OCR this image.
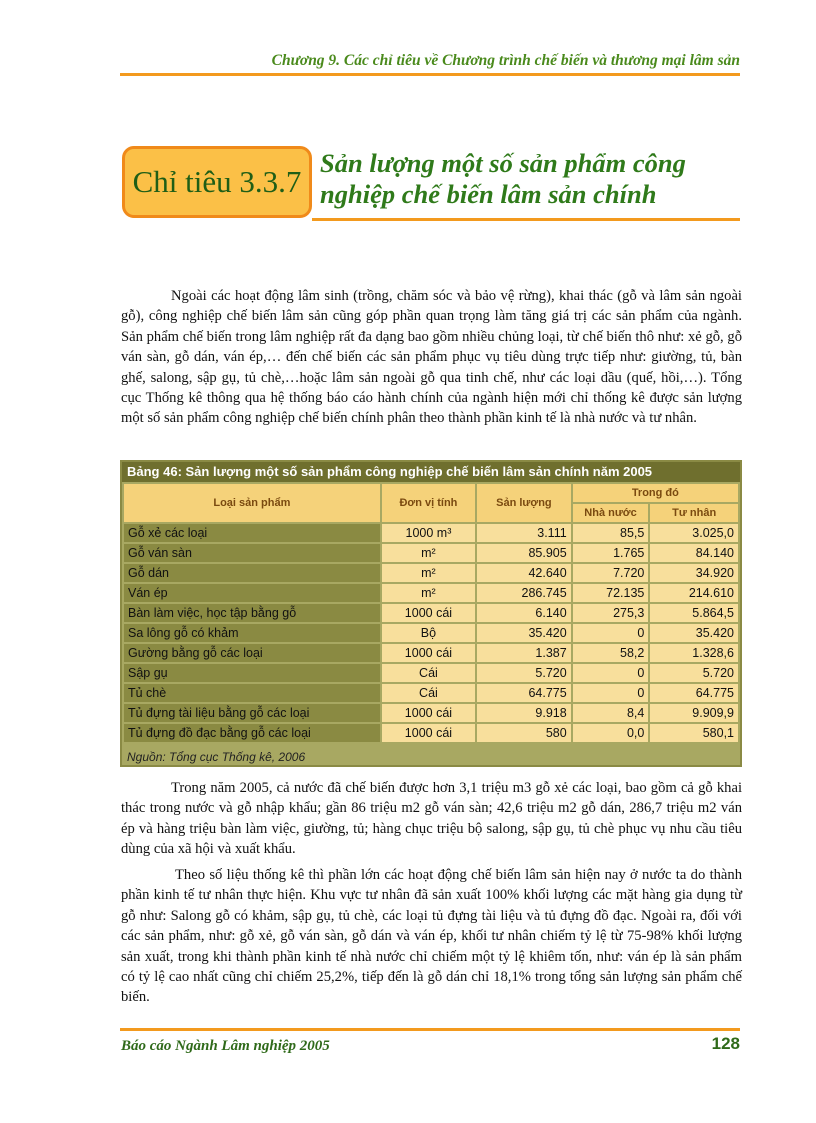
Chương 9. Các chỉ tiêu về Chương trình chế biến và thương mại lâm sản
Chỉ tiêu 3.3.7
Sản lượng một số sản phẩm công nghiệp chế biến lâm sản chính

Ngoài các hoạt động lâm sinh (trồng, chăm sóc và bảo vệ rừng), khai thác (gỗ và lâm sản ngoài gỗ), công nghiệp chế biến lâm sản cũng góp phần quan trọng làm tăng giá trị các sản phẩm của ngành. Sản phẩm chế biến trong lâm nghiệp rất đa dạng bao gồm nhiều chủng loại, từ chế biến thô như: xẻ gỗ, gỗ ván sàn, gỗ dán, ván ép,… đến chế biến các sản phẩm phục vụ tiêu dùng trực tiếp như: giường, tủ, bàn ghế, salong, sập gụ, tủ chè,…hoặc lâm sản ngoài gỗ qua tinh chế, như các loại dầu (quế, hồi,…). Tổng cục Thống kê thông qua hệ thống báo cáo hành chính của ngành hiện mới chỉ thống kê được sản lượng một số sản phẩm công nghiệp chế biến chính phân theo thành phần kinh tế là nhà nước và tư nhân.

Bảng 46: Sản lượng một số sản phẩm công nghiệp chế biến lâm sản chính năm 2005
Loại sản phẩm	Đơn vị tính	Sản lượng	Trong đó	
			Nhà nước	Tư nhân
Gỗ xẻ các loại	1000 m³	3.111	85,5	3.025,0
Gỗ ván sàn	m²	85.905	1.765	84.140
Gỗ dán	m²	42.640	7.720	34.920
Ván ép	m²	286.745	72.135	214.610
Bàn làm việc, học tập bằng gỗ	1000 cái	6.140	275,3	5.864,5
Sa lông gỗ có khảm	Bộ	35.420	0	35.420
Gường bằng gỗ các loại	1000 cái	1.387	58,2	1.328,6
Sập gụ	Cái	5.720	0	5.720
Tủ chè	Cái	64.775	0	64.775
Tủ đựng tài liệu bằng gỗ các loại	1000 cái	9.918	8,4	9.909,9
Tủ đựng đồ đạc bằng gỗ các loại	1000 cái	580	0,0	580,1
Nguồn: Tổng cục Thống kê, 2006

Trong năm 2005, cả nước đã chế biến được hơn 3,1 triệu m3 gỗ xẻ các loại, bao gồm cả gỗ khai thác trong nước và gỗ nhập khẩu; gần 86 triệu m2 gỗ ván sàn; 42,6 triệu m2 gỗ dán, 286,7 triệu m2 ván ép và hàng triệu bàn làm việc, giường, tủ; hàng chục triệu bộ salong, sập gụ, tủ chè phục vụ nhu cầu tiêu dùng của xã hội và xuất khẩu.

Theo số liệu thống kê thì phần lớn các hoạt động chế biến lâm sản hiện nay ở nước ta do thành phần kinh tế tư nhân thực hiện. Khu vực tư nhân đã sản xuất 100% khối lượng các mặt hàng gia dụng từ gỗ như: Salong gỗ có khảm, sập gụ, tủ chè, các loại tủ đựng tài liệu và tủ đựng đồ đạc. Ngoài ra, đối với các sản phẩm, như: gỗ xẻ, gỗ ván sàn, gỗ dán và ván ép, khối tư nhân chiếm tỷ lệ từ 75-98% khối lượng sản xuất, trong khi thành phần kinh tế nhà nước chỉ chiếm một tỷ lệ khiêm tốn, như: ván ép là sản phẩm có tỷ lệ cao nhất cũng chỉ chiếm 25,2%, tiếp đến là gỗ dán chỉ 18,1% trong tổng sản lượng sản phẩm chế biến.

Báo cáo Ngành Lâm nghiệp 2005	128
